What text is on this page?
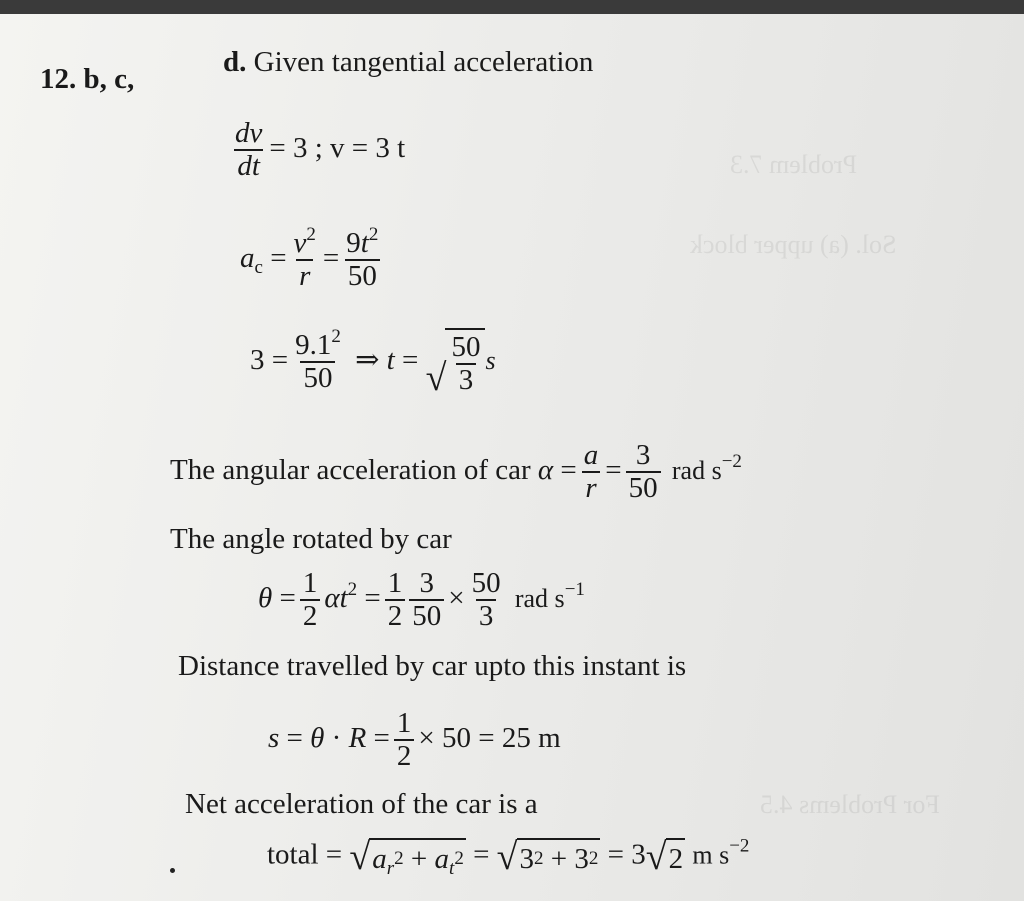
Problem 7.3
Sol. (a) upper block
For Problems 4.5
12. b, c,
d. Given tangential acceleration
$\frac{dv}{dt} = 3$ ; v = 3 t
$a_c = \frac{v^2}{r} = \frac{9t^2}{50}$
$3 = \frac{9.1^2}{50}$ ⇒ t = √ $\frac{50}{3}$ s
The angular acceleration of car $\alpha = \frac{a}{r} = \frac{3}{50}$ rad $s^{-2}$
The angle rotated by car
$\theta = \frac{1}{2} \alpha t^2 = \frac{1}{2} \frac{3}{50} \times \frac{50}{3}$ rad $s^{-1}$
Distance travelled by car upto this instant is
$s = \theta \cdot R = \frac{1}{2} \times 50 = 25$ m
Net acceleration of the car is a
total = √ $a_r$ $2 + a_t$ 2 = √ 3 2 + 3 2 = 3 √ 2 m $s^{-2}$
